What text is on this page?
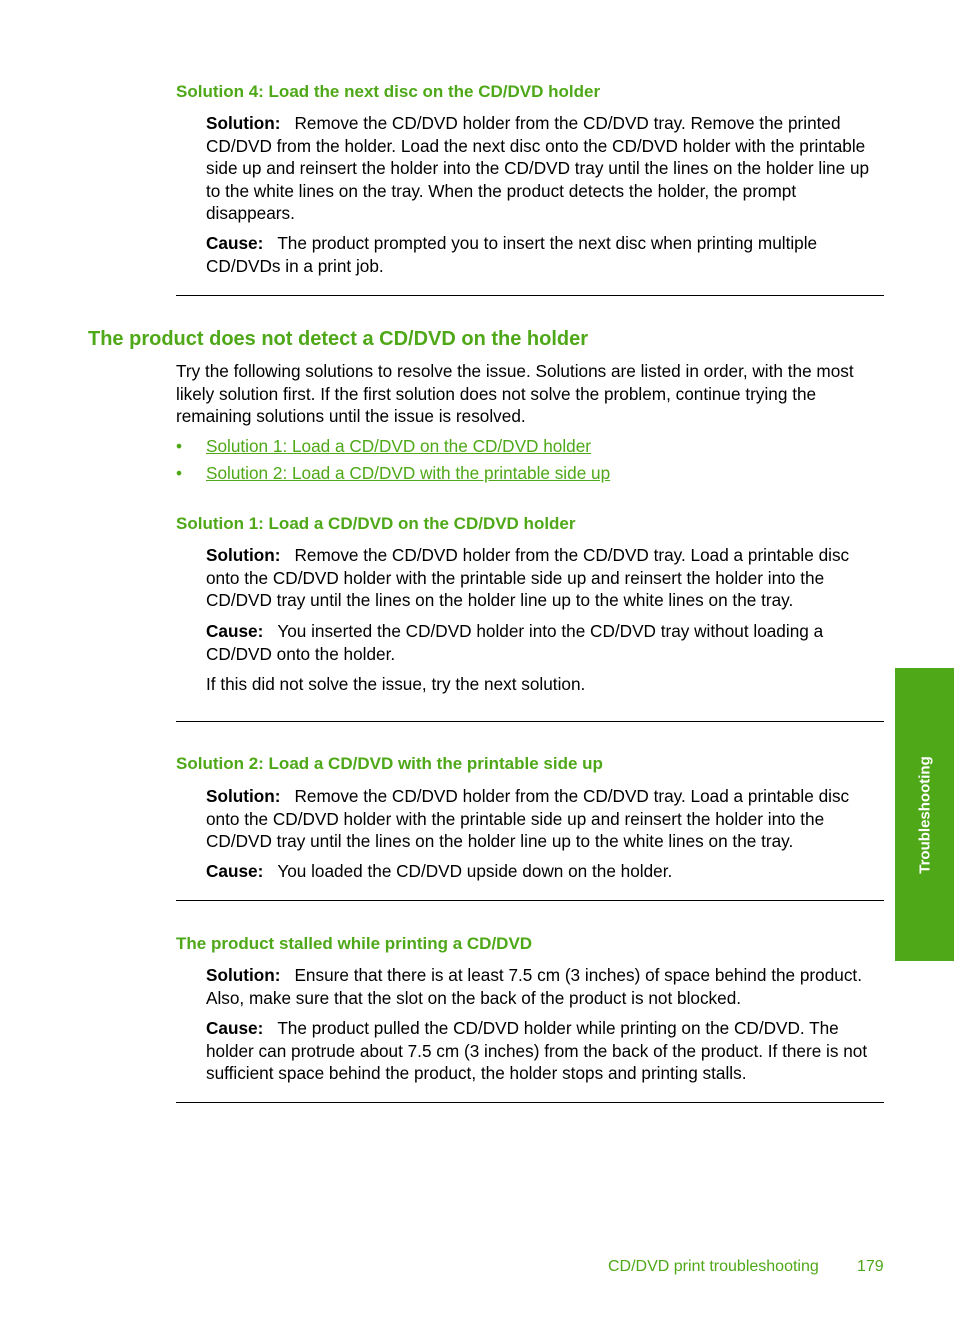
Solution 4: Load the next disc on the CD/DVD holder
Solution: Remove the CD/DVD holder from the CD/DVD tray. Remove the printed CD/DVD from the holder. Load the next disc onto the CD/DVD holder with the printable side up and reinsert the holder into the CD/DVD tray until the lines on the holder line up to the white lines on the tray. When the product detects the holder, the prompt disappears.
Cause: The product prompted you to insert the next disc when printing multiple CD/DVDs in a print job.
The product does not detect a CD/DVD on the holder
Try the following solutions to resolve the issue. Solutions are listed in order, with the most likely solution first. If the first solution does not solve the problem, continue trying the remaining solutions until the issue is resolved.
• Solution 1: Load a CD/DVD on the CD/DVD holder
• Solution 2: Load a CD/DVD with the printable side up
Solution 1: Load a CD/DVD on the CD/DVD holder
Solution: Remove the CD/DVD holder from the CD/DVD tray. Load a printable disc onto the CD/DVD holder with the printable side up and reinsert the holder into the CD/DVD tray until the lines on the holder line up to the white lines on the tray.
Cause: You inserted the CD/DVD holder into the CD/DVD tray without loading a CD/DVD onto the holder.
If this did not solve the issue, try the next solution.
Solution 2: Load a CD/DVD with the printable side up
Solution: Remove the CD/DVD holder from the CD/DVD tray. Load a printable disc onto the CD/DVD holder with the printable side up and reinsert the holder into the CD/DVD tray until the lines on the holder line up to the white lines on the tray.
Cause: You loaded the CD/DVD upside down on the holder.
The product stalled while printing a CD/DVD
Solution: Ensure that there is at least 7.5 cm (3 inches) of space behind the product. Also, make sure that the slot on the back of the product is not blocked.
Cause: The product pulled the CD/DVD holder while printing on the CD/DVD. The holder can protrude about 7.5 cm (3 inches) from the back of the product. If there is not sufficient space behind the product, the holder stops and printing stalls.
Troubleshooting
CD/DVD print troubleshooting 179
